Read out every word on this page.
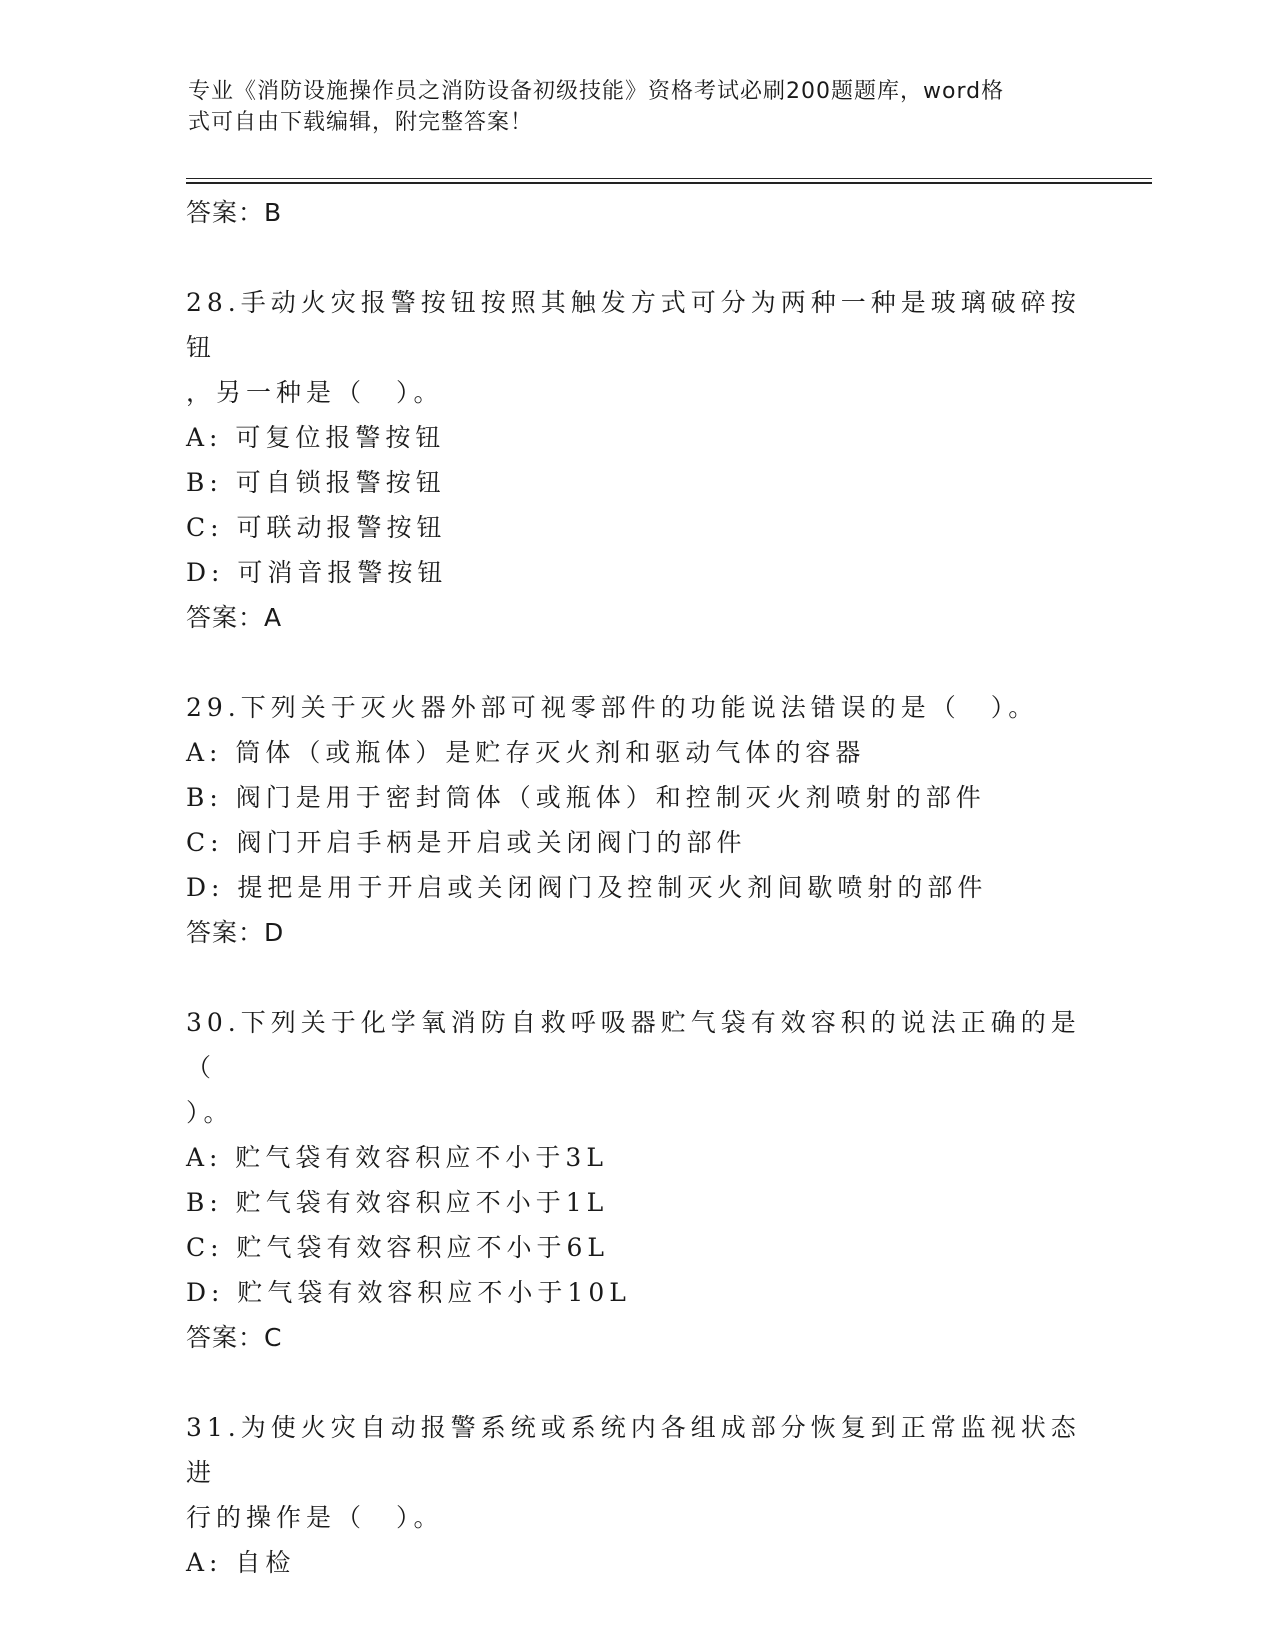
专业《消防设施操作员之消防设备初级技能》资格考试必刷200题题库，word格
式可自由下载编辑，附完整答案！
答案：B
28.手动火灾报警按钮按照其触发方式可分为两种一种是玻璃破碎按钮
，另一种是（　）。
A: 可复位报警按钮
B: 可自锁报警按钮
C: 可联动报警按钮
D: 可消音报警按钮
答案：A
29.下列关于灭火器外部可视零部件的功能说法错误的是（　）。
A: 筒体（或瓶体）是贮存灭火剂和驱动气体的容器
B: 阀门是用于密封筒体（或瓶体）和控制灭火剂喷射的部件
C: 阀门开启手柄是开启或关闭阀门的部件
D: 提把是用于开启或关闭阀门及控制灭火剂间歇喷射的部件
答案：D
30.下列关于化学氧消防自救呼吸器贮气袋有效容积的说法正确的是（
）。
A: 贮气袋有效容积应不小于3L
B: 贮气袋有效容积应不小于1L
C: 贮气袋有效容积应不小于6L
D: 贮气袋有效容积应不小于10L
答案：C
31.为使火灾自动报警系统或系统内各组成部分恢复到正常监视状态进
行的操作是（　）。
A: 自检
